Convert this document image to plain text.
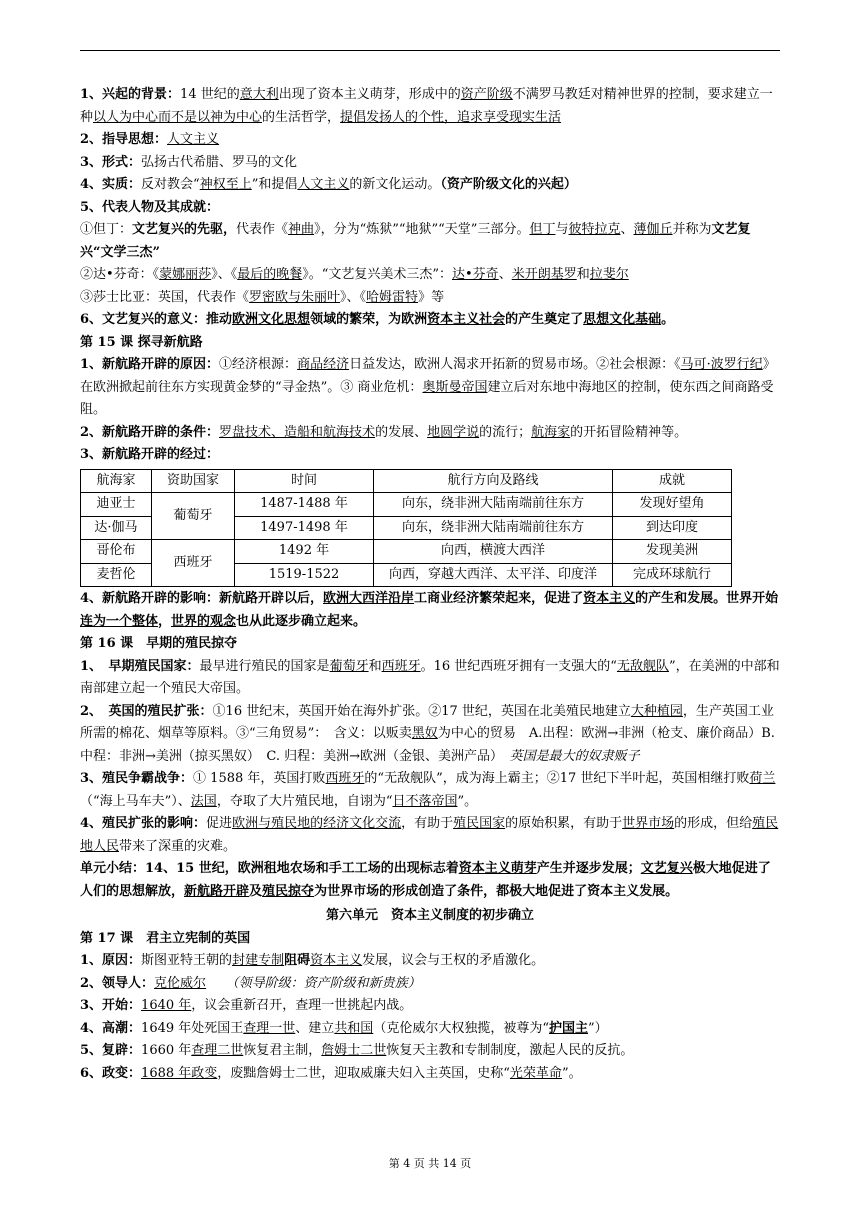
1、兴起的背景：14 世纪的意大利出现了资本主义萌芽，形成中的资产阶级不满罗马教廷对精神世界的控制，要求建立一种以人为中心而不是以神为中心的生活哲学，提倡发扬人的个性，追求享受现实生活

2、指导思想：人文主义

3、形式：弘扬古代希腊、罗马的文化

4、实质：反对教会“神权至上”和提倡人文主义的新文化运动。（资产阶级文化的兴起）

5、代表人物及其成就：

①但丁：文艺复兴的先驱，代表作《神曲》，分为“炼狱”“地狱”“天堂”三部分。但丁与彼特拉克、薄伽丘并称为文艺复兴“文学三杰”

②达•芬奇：《蒙娜丽莎》、《最后的晚餐》。“文艺复兴美术三杰”：达•芬奇、米开朗基罗和拉斐尔

③莎士比亚：英国，代表作《罗密欧与朱丽叶》、《哈姆雷特》等

6、文艺复兴的意义：推动欧洲文化思想领域的繁荣，为欧洲资本主义社会的产生奠定了思想文化基础。

第 15 课 探寻新航路

1、新航路开辟的原因：①经济根源：商品经济日益发达，欧洲人渴求开拓新的贸易市场。②社会根源：《马可·波罗行纪》在欧洲掀起前往东方实现黄金梦的“寻金热”。③ 商业危机：奥斯曼帝国建立后对东地中海地区的控制，使东西之间商路受阻。

2、新航路开辟的条件：罗盘技术、造船和航海技术的发展、地圆学说的流行；航海家的开拓冒险精神等。

3、新航路开辟的经过：

航海家	资助国家	时间	航行方向及路线	成就
迪亚士	葡萄牙	1487-1488 年	向东，绕非洲大陆南端前往东方	发现好望角
达·伽马		1497-1498 年	向东，绕非洲大陆南端前往东方	到达印度
哥伦布	西班牙	1492 年	向西，横渡大西洋	发现美洲
麦哲伦		1519-1522	向西，穿越大西洋、太平洋、印度洋	完成环球航行

4、新航路开辟的影响：新航路开辟以后，欧洲大西洋沿岸工商业经济繁荣起来，促进了资本主义的产生和发展。世界开始连为一个整体，世界的观念也从此逐步确立起来。

第 16 课　早期的殖民掠夺

1、　早期殖民国家：最早进行殖民的国家是葡萄牙和西班牙。16 世纪西班牙拥有一支强大的“无敌舰队”，在美洲的中部和南部建立起一个殖民大帝国。

2、　英国的殖民扩张：①16 世纪末，英国开始在海外扩张。②17 世纪，英国在北美殖民地建立大种植园，生产英国工业所需的棉花、烟草等原料。③“三角贸易”：　含义：以贩卖黑奴为中心的贸易　A.出程：欧洲→非洲（枪支、廉价商品）B. 中程：非洲→美洲（掠买黑奴）　C. 归程：美洲→欧洲（金银、美洲产品）　 英国是最大的奴隶贩子

3、殖民争霸战争：① 1588 年，英国打败西班牙的“无敌舰队”，成为海上霸主；②17 世纪下半叶起，英国相继打败荷兰（“海上马车夫”）、法国，夺取了大片殖民地，自诩为“日不落帝国”。

4、殖民扩张的影响：促进欧洲与殖民地的经济文化交流，有助于殖民国家的原始积累，有助于世界市场的形成，但给殖民地人民带来了深重的灾难。

单元小结：14、15 世纪，欧洲租地农场和手工工场的出现标志着资本主义萌芽产生并逐步发展；文艺复兴极大地促进了人们的思想解放，新航路开辟及殖民掠夺为世界市场的形成创造了条件，都极大地促进了资本主义发展。

第六单元　资本主义制度的初步确立

第 17 课　君主立宪制的英国

1、原因：斯图亚特王朝的封建专制阻碍资本主义发展，议会与王权的矛盾激化。

2、领导人：克伦威尔　　 （领导阶级：资产阶级和新贵族）

3、开始：1640 年，议会重新召开，查理一世挑起内战。

4、高潮：1649 年处死国王查理一世、建立共和国（克伦威尔大权独揽，被尊为“护国主”）

5、复辟：1660 年查理二世恢复君主制，詹姆士二世恢复天主教和专制制度，激起人民的反抗。

6、政变：1688 年政变，废黜詹姆士二世，迎取威廉夫妇入主英国，史称“光荣革命”。

第 4 页 共 14 页
